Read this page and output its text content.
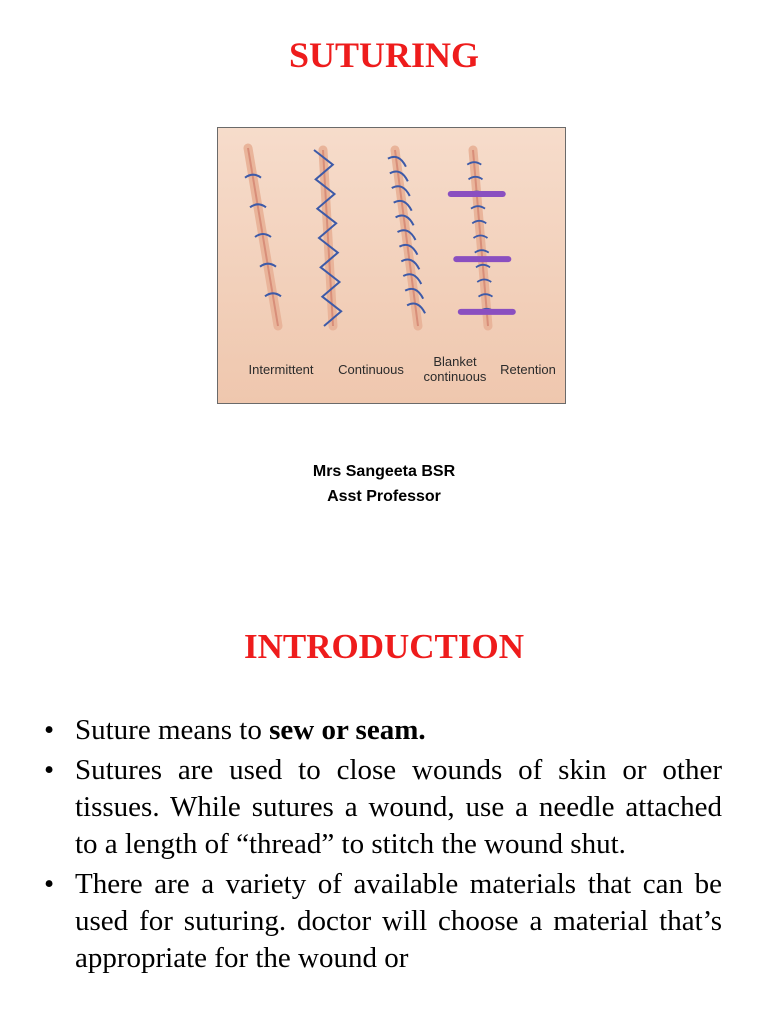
SUTURING
Intermittent	Continuous
Blanket
continuous	Retention
Mrs Sangeeta BSR
Asst Professor
INTRODUCTION
• Suture means to sew or seam.
• Sutures are used to close wounds of skin or other tissues. While sutures a wound, use a needle attached to a length of “thread” to stitch the wound shut.
• There are a variety of available materials that can be used for suturing. doctor will choose a material that’s appropriate for the wound or
